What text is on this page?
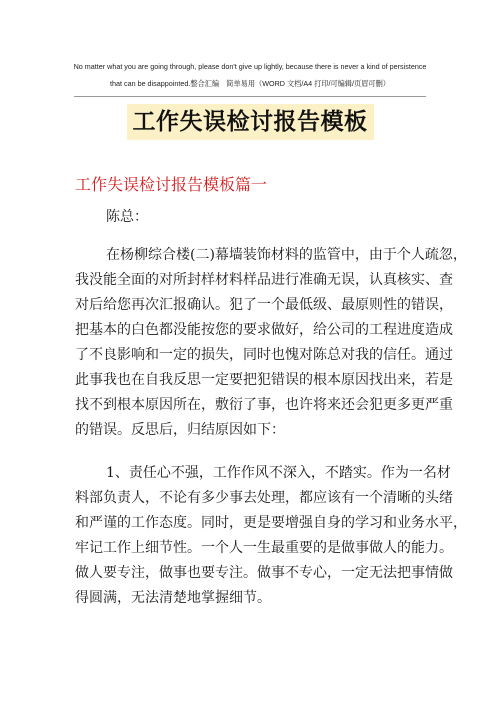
No matter what you are going through, please don't give up lightly, because there is never a kind of persistence
that can be disappointed.整合汇编　简单易用（WORD 文档/A4 打印/可编辑/页眉可删）
工作失误检讨报告模板
工作失误检讨报告模板篇一
陈总：
在杨柳综合楼(二)幕墙装饰材料的监管中，由于个人疏忽，
我没能全面的对所封样材料样品进行准确无误，认真核实、查
对后给您再次汇报确认。犯了一个最低级、最原则性的错误，
把基本的白色都没能按您的要求做好，给公司的工程进度造成
了不良影响和一定的损失，同时也愧对陈总对我的信任。通过
此事我也在自我反思一定要把犯错误的根本原因找出来，若是
找不到根本原因所在，敷衍了事，也许将来还会犯更多更严重
的错误。反思后，归结原因如下：
1、责任心不强，工作作风不深入，不踏实。作为一名材
料部负责人，不论有多少事去处理，都应该有一个清晰的头绪
和严谨的工作态度。同时，更是要增强自身的学习和业务水平，
牢记工作上细节性。一个人一生最重要的是做事做人的能力。
做人要专注，做事也要专注。做事不专心，一定无法把事情做
得圆满，无法清楚地掌握细节。
